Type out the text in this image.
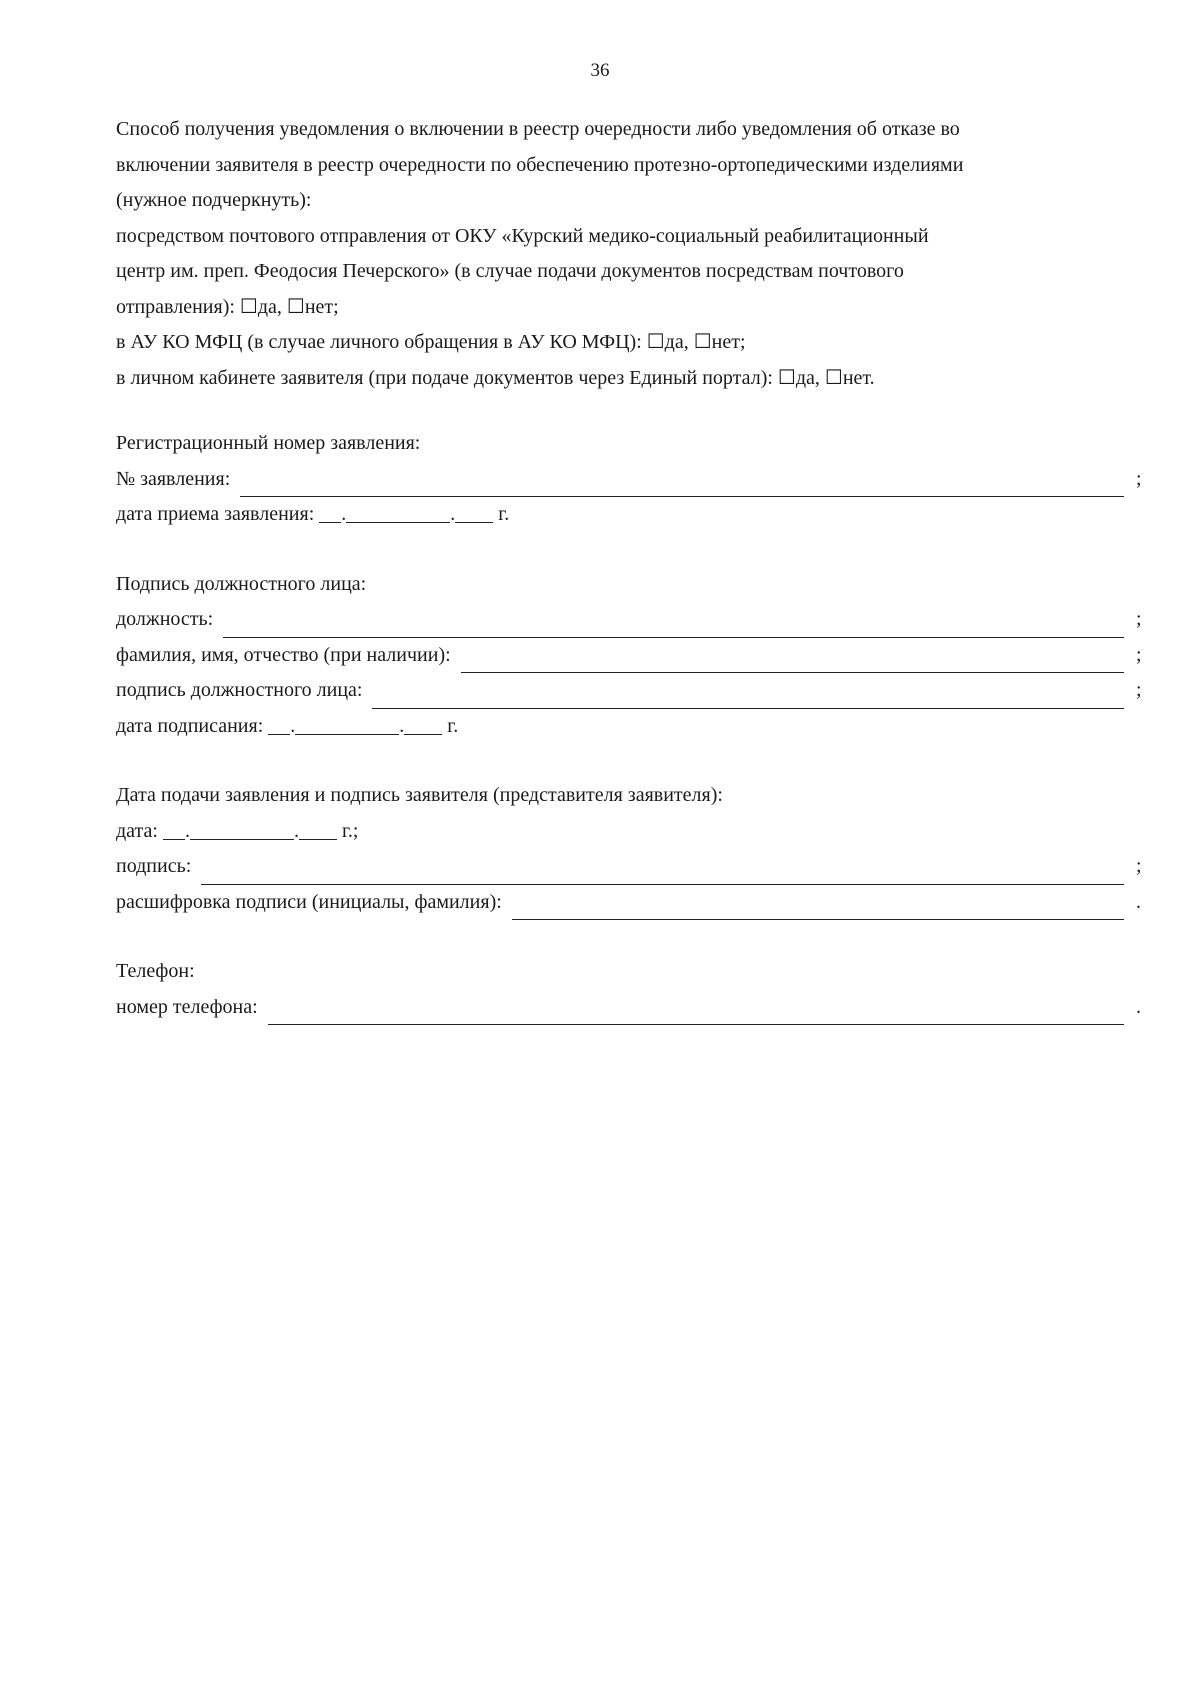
36
Способ получения уведомления о включении в реестр очередности либо уведомления об отказе во
включении заявителя в реестр очередности по обеспечению протезно-ортопедическими изделиями
(нужное подчеркнуть):
посредством почтового отправления от ОКУ «Курский медико-социальный реабилитационный
центр им. преп. Феодосия Печерского» (в случае подачи документов посредствам почтового
отправления): ☐да, ☐нет;
в АУ КО МФЦ (в случае личного обращения в АУ КО МФЦ): ☐да, ☐нет;
в личном кабинете заявителя (при подаче документов через Единый портал): ☐да, ☐нет.
Регистрационный номер заявления:
№ заявления:	;
дата приема заявления: .	. г.
Подпись должностного лица:
должность:	;
фамилия, имя, отчество (при наличии):	;
подпись должностного лица:	;
дата подписания: .	. г.
Дата подачи заявления и подпись заявителя (представителя заявителя):
дата: .	. г.;
подпись:	;
расшифровка подписи (инициалы, фамилия):	.
Телефон:
номер телефона:	.
